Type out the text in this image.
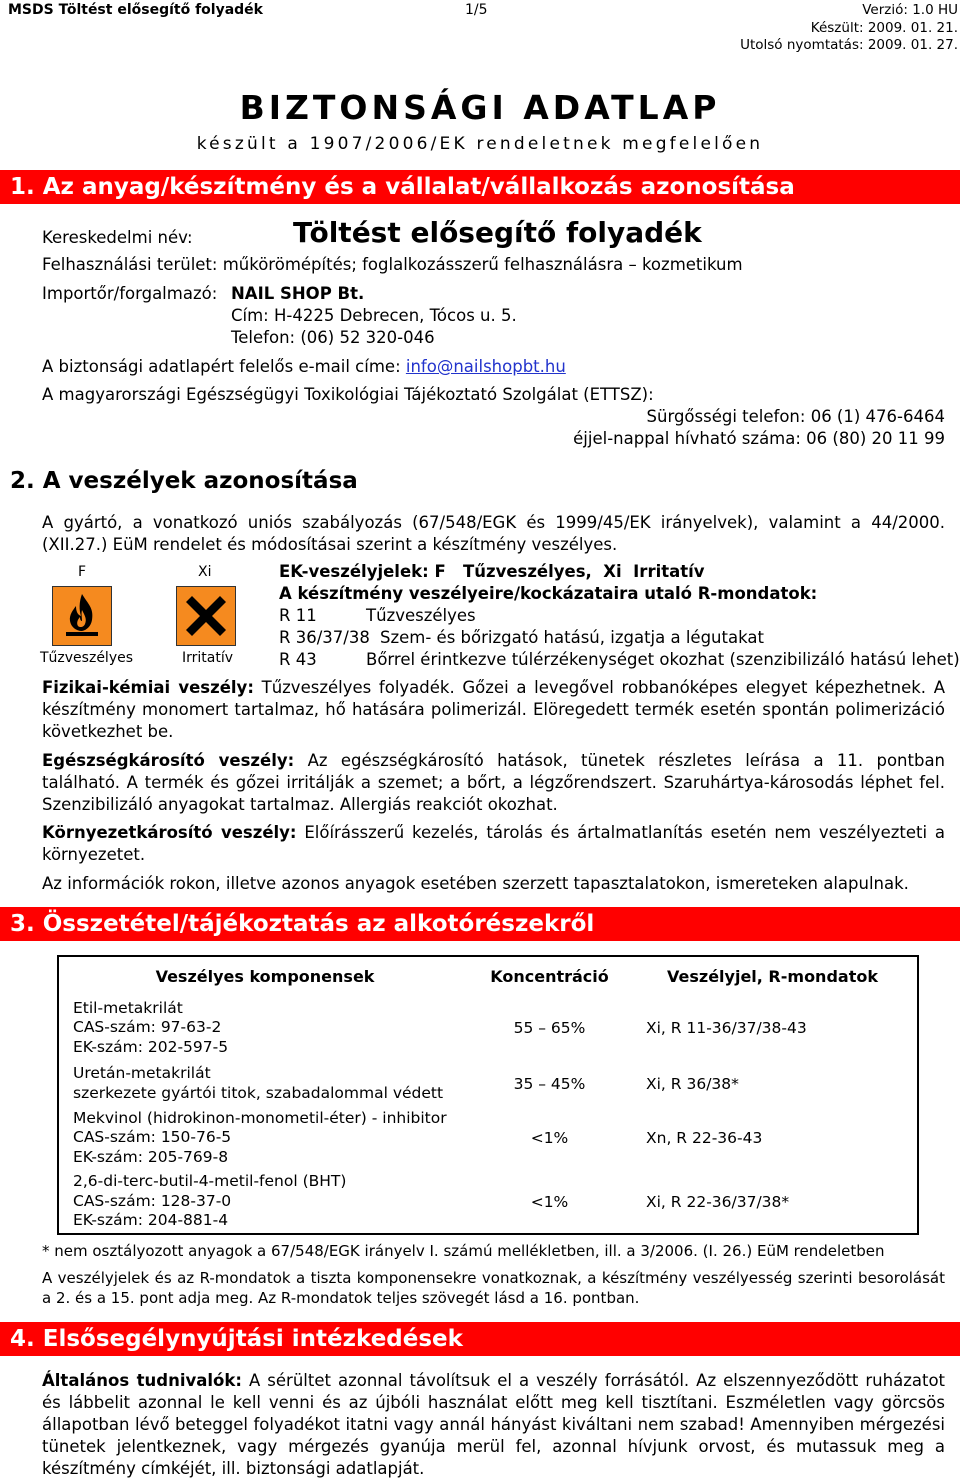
MSDS Töltést elősegítő folyadék	1/5	Verzió: 1.0 HU
Készült: 2009. 01. 21.
Utolsó nyomtatás: 2009. 01. 27.
BIZTONSÁGI ADATLAP
készült a 1907/2006/EK rendeletnek megfelelően
1. Az anyag/készítmény és a vállalat/vállalkozás azonosítása
Kereskedelmi név:	Töltést elősegítő folyadék
Felhasználási terület: műkörömépítés; foglalkozásszerű felhasználásra – kozmetikum
Importőr/forgalmazó: NAIL SHOP Bt.
Cím: H-4225 Debrecen, Tócos u. 5.
Telefon: (06) 52 320-046
A biztonsági adatlapért felelős e-mail címe: info@nailshopbt.hu
A magyarországi Egészségügyi Toxikológiai Tájékoztató Szolgálat (ETTSZ):
Sürgősségi telefon: 06 (1) 476-6464
éjjel-nappal hívható száma: 06 (80) 20 11 99
2. A veszélyek azonosítása
A gyártó, a vonatkozó uniós szabályozás (67/548/EGK és 1999/45/EK irányelvek), valamint a 44/2000. (XII.27.) EüM rendelet és módosításai szerint a készítmény veszélyes.
F	Xi
Tűzveszélyes	Irritatív
EK-veszélyjelek: F   Tűzveszélyes,  Xi  Irritatív
A készítmény veszélyeire/kockázataira utaló R-mondatok:
R 11	Tűzveszélyes
R 36/37/38 Szem- és bőrizgató hatású, izgatja a légutakat
R 43	Bőrrel érintkezve túlérzékenységet okozhat (szenzibilizáló hatású lehet)
Fizikai-kémiai veszély: Tűzveszélyes folyadék. Gőzei a levegővel robbanóképes elegyet képezhetnek. A készítmény monomert tartalmaz, hő hatására polimerizál. Elöregedett termék esetén spontán polimerizáció következhet be.
Egészségkárosító veszély: Az egészségkárosító hatások, tünetek részletes leírása a 11. pontban található. A termék és gőzei irritálják a szemet; a bőrt, a légzőrendszert. Szaruhártya-károsodás léphet fel. Szenzibilizáló anyagokat tartalmaz. Allergiás reakciót okozhat.
Környezetkárosító veszély: Előírásszerű kezelés, tárolás és ártalmatlanítás esetén nem veszélyezteti a környezetet.
Az információk rokon, illetve azonos anyagok esetében szerzett tapasztalatokon, ismereteken alapulnak.
3. Összetétel/tájékoztatás az alkotórészekről
Veszélyes komponensek	Koncentráció	Veszélyjel, R-mondatok

Etil-metakrilát
CAS-szám: 97-63-2
EK-szám: 202-597-5	55 – 65%	Xi, R 11-36/37/38-43

Uretán-metakrilát
szerkezete gyártói titok, szabadalommal védett	35 – 45%	Xi, R 36/38*

Mekvinol (hidrokinon-monometil-éter) - inhibitor
CAS-szám: 150-76-5
EK-szám: 205-769-8	<1%	Xn, R 22-36-43

2,6-di-terc-butil-4-metil-fenol (BHT)
CAS-szám: 128-37-0
EK-szám: 204-881-4	<1%	Xi, R 22-36/37/38*
* nem osztályozott anyagok a 67/548/EGK irányelv I. számú mellékletben, ill. a 3/2006. (I. 26.) EüM rendeletben
A veszélyjelek és az R-mondatok a tiszta komponensekre vonatkoznak, a készítmény veszélyesség szerinti besorolását a 2. és a 15. pont adja meg. Az R-mondatok teljes szövegét lásd a 16. pontban.
4. Elsősegélynyújtási intézkedések
Általános tudnivalók: A sérültet azonnal távolítsuk el a veszély forrásától. Az elszennyeződött ruházatot és lábbelit azonnal le kell venni és az újbóli használat előtt meg kell tisztítani. Eszméletlen vagy görcsös állapotban lévő beteggel folyadékot itatni vagy annál hányást kiváltani nem szabad! Amennyiben mérgezési tünetek jelentkeznek, vagy mérgezés gyanúja merül fel, azonnal hívjunk orvost, és mutassuk meg a készítmény címkéjét, ill. biztonsági adatlapját.
